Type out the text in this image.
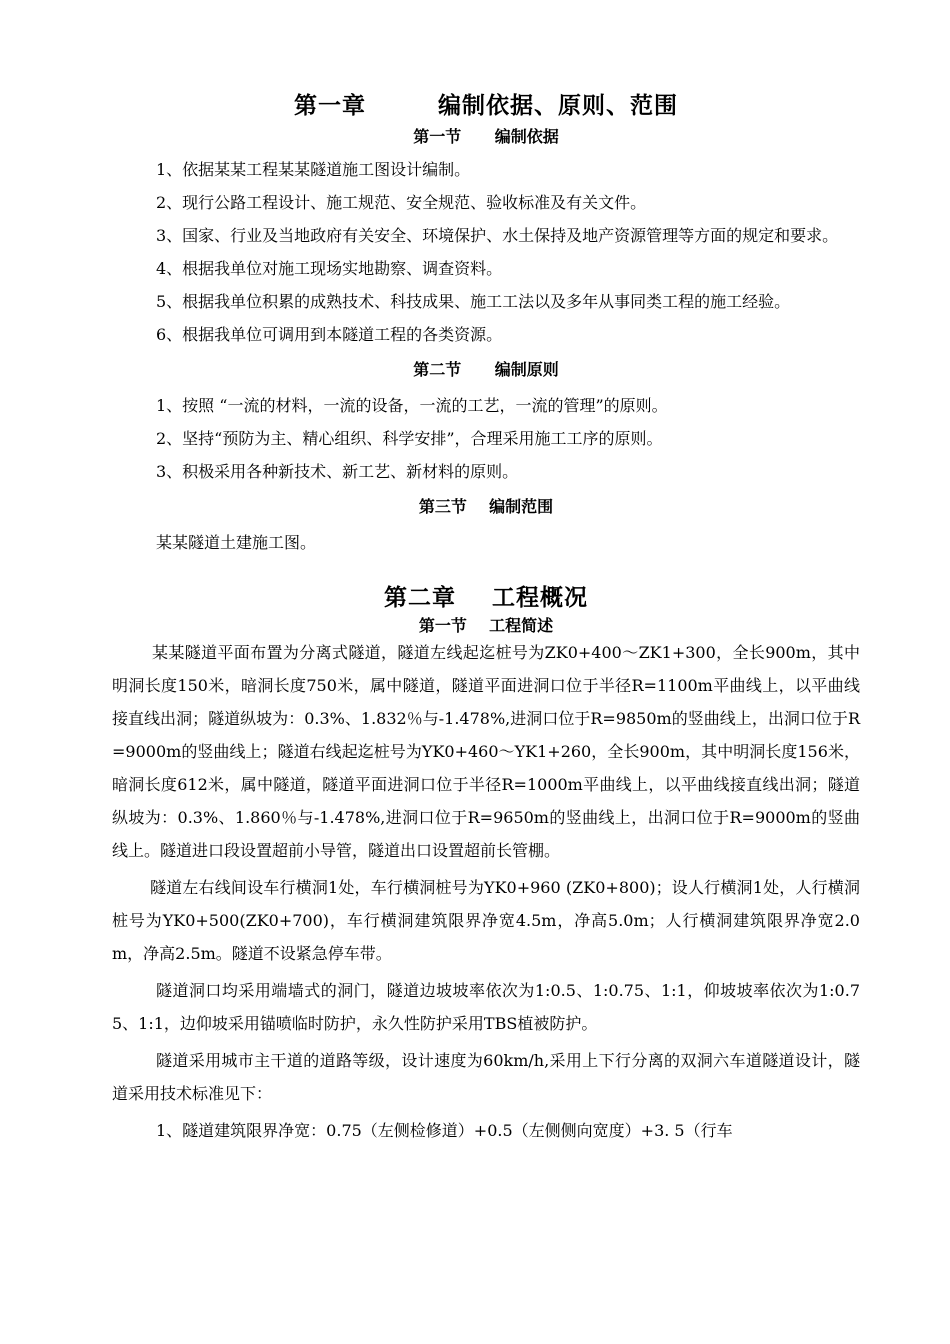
第一章        编制依据、原则、范围
第一节      编制依据

1、依据某某工程某某隧道施工图设计编制。

2、现行公路工程设计、施工规范、安全规范、验收标准及有关文件。

3、国家、行业及当地政府有关安全、环境保护、水土保持及地产资源管理等方面的规定和要求。

4、根据我单位对施工现场实地勘察、调查资料。

5、根据我单位积累的成熟技术、科技成果、施工工法以及多年从事同类工程的施工经验。

6、根据我单位可调用到本隧道工程的各类资源。

第二节      编制原则

1、按照 “一流的材料，一流的设备，一流的工艺，一流的管理”的原则。

2、坚持“预防为主、精心组织、科学安排”，合理采用施工工序的原则。

3、积极采用各种新技术、新工艺、新材料的原则。

第三节    编制范围

某某隧道土建施工图。

第二章    工程概况
第一节    工程简述

某某隧道平面布置为分离式隧道，隧道左线起迄桩号为ZK0+400～ZK1+300，全长900m，其中明洞长度150米，暗洞长度750米，属中隧道，隧道平面进洞口位于半径R=1100m平曲线上，以平曲线接直线出洞；隧道纵坡为：0.3%、1.832％与-1.478%,进洞口位于R=9850m的竖曲线上，出洞口位于R=9000m的竖曲线上；隧道右线起迄桩号为YK0+460～YK1+260，全长900m，其中明洞长度156米，暗洞长度612米，属中隧道，隧道平面进洞口位于半径R=1000m平曲线上，以平曲线接直线出洞；隧道纵坡为：0.3%、1.860％与-1.478%,进洞口位于R=9650m的竖曲线上，出洞口位于R=9000m的竖曲线上。隧道进口段设置超前小导管，隧道出口设置超前长管棚。

隧道左右线间设车行横洞1处，车行横洞桩号为YK0+960 (ZK0+800)；设人行横洞1处，人行横洞桩号为YK0+500(ZK0+700)，车行横洞建筑限界净宽4.5m，净高5.0m；人行横洞建筑限界净宽2.0m，净高2.5m。隧道不设紧急停车带。

隧道洞口均采用端墙式的洞门，隧道边坡坡率依次为1:0.5、1:0.75、1:1，仰坡坡率依次为1:0.75、1:1，边仰坡采用锚喷临时防护，永久性防护采用TBS植被防护。

隧道采用城市主干道的道路等级，设计速度为60km/h,采用上下行分离的双洞六车道隧道设计，隧道采用技术标准见下：

1、隧道建筑限界净宽：0.75（左侧检修道）+0.5（左侧侧向宽度）+3. 5（行车
